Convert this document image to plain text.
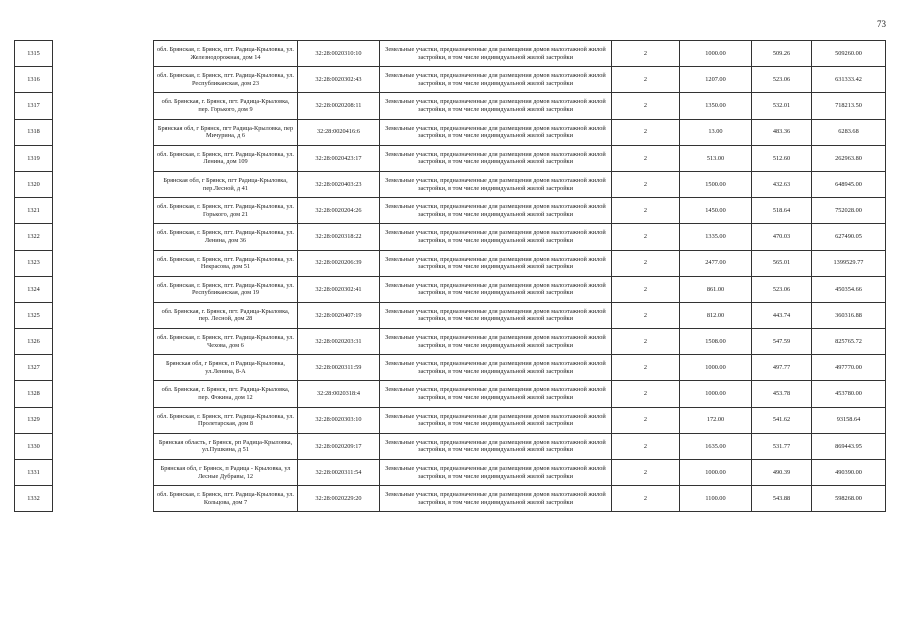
73
1315		обл. Брянская, г. Брянск, пгт. Радица-Крыловка, ул. Железнодорожная, дом 14	32:28:0020310:10	Земельные участки, предназначенные для размещения домов малоэтажной жилой застройки, в том числе индивидуальной жилой застройки	2	1000.00	509.26	509260.00
1316		обл. Брянская, г. Брянск, пгт. Радица-Крыловка, ул. Республиканская, дом 23	32:28:0020302:43	Земельные участки, предназначенные для размещения домов малоэтажной жилой застройки, в том числе индивидуальной жилой застройки	2	1207.00	523.06	631333.42
1317		обл. Брянская, г. Брянск, пгт. Радица-Крыловка, пер. Горького, дом 9	32:28:0020208:11	Земельные участки, предназначенные для размещения домов малоэтажной жилой застройки, в том числе индивидуальной жилой застройки	2	1350.00	532.01	718213.50
1318		Брянская обл, г Брянск, пгт Радица-Крыловка, пер Мичурина, д 6	32:28:0020416:6	Земельные участки, предназначенные для размещения домов малоэтажной жилой застройки, в том числе индивидуальной жилой застройки	2	13.00	483.36	6283.68
1319		обл. Брянская, г. Брянск, пгт. Радица-Крыловка, ул. Ленина, дом 109	32:28:0020423:17	Земельные участки, предназначенные для размещения домов малоэтажной жилой застройки, в том числе индивидуальной жилой застройки	2	513.00	512.60	262963.80
1320		Брянская обл, г Брянск, пгт Радица-Крыловка, пер.Лесной, д 41	32:28:0020403:23	Земельные участки, предназначенные для размещения домов малоэтажной жилой застройки, в том числе индивидуальной жилой застройки	2	1500.00	432.63	648945.00
1321		обл. Брянская, г. Брянск, пгт. Радица-Крыловка, ул. Горького, дом 21	32:28:0020204:26	Земельные участки, предназначенные для размещения домов малоэтажной жилой застройки, в том числе индивидуальной жилой застройки	2	1450.00	518.64	752028.00
1322		обл. Брянская, г. Брянск, пгт. Радица-Крыловка, ул. Ленина, дом 36	32:28:0020318:22	Земельные участки, предназначенные для размещения домов малоэтажной жилой застройки, в том числе индивидуальной жилой застройки	2	1335.00	470.03	627490.05
1323		обл. Брянская, г. Брянск, пгт. Радица-Крыловка, ул. Некрасова, дом 51	32:28:0020206:39	Земельные участки, предназначенные для размещения домов малоэтажной жилой застройки, в том числе индивидуальной жилой застройки	2	2477.00	565.01	1399529.77
1324		обл. Брянская, г. Брянск, пгт. Радица-Крыловка, ул. Республиканская, дом 19	32:28:0020302:41	Земельные участки, предназначенные для размещения домов малоэтажной жилой застройки, в том числе индивидуальной жилой застройки	2	861.00	523.06	450354.66
1325		обл. Брянская, г. Брянск, пгт. Радица-Крыловка, пер. Лесной, дом 28	32:28:0020407:19	Земельные участки, предназначенные для размещения домов малоэтажной жилой застройки, в том числе индивидуальной жилой застройки	2	812.00	443.74	360316.88
1326		обл. Брянская, г. Брянск, пгт. Радица-Крыловка, ул. Чехова, дом 6	32:28:0020203:31	Земельные участки, предназначенные для размещения домов малоэтажной жилой застройки, в том числе индивидуальной жилой застройки	2	1508.00	547.59	825765.72
1327		Брянская обл, г Брянск, п Радица-Крыловка, ул.Ленина, 8-А	32:28:0020311:59	Земельные участки, предназначенные для размещения домов малоэтажной жилой застройки, в том числе индивидуальной жилой застройки	2	1000.00	497.77	497770.00
1328		обл. Брянская, г. Брянск, пгт. Радица-Крыловка, пер. Фокина, дом 12	32:28:0020318:4	Земельные участки, предназначенные для размещения домов малоэтажной жилой застройки, в том числе индивидуальной жилой застройки	2	1000.00	453.78	453780.00
1329		обл. Брянская, г. Брянск, пгт. Радица-Крыловка, ул. Пролетарская, дом 8	32:28:0020303:10	Земельные участки, предназначенные для размещения домов малоэтажной жилой застройки, в том числе индивидуальной жилой застройки	2	172.00	541.62	93158.64
1330		Брянская область, г Брянск, рп Радица-Крыловка, ул.Пушкина, д 51	32:28:0020209:17	Земельные участки, предназначенные для размещения домов малоэтажной жилой застройки, в том числе индивидуальной жилой застройки	2	1635.00	531.77	869443.95
1331		Брянская обл, г Брянск, п Радица - Крыловка, ул Лесные Дубравы, 12	32:28:0020311:54	Земельные участки, предназначенные для размещения домов малоэтажной жилой застройки, в том числе индивидуальной жилой застройки	2	1000.00	490.39	490390.00
1332		обл. Брянская, г. Брянск, пгт. Радица-Крыловка, ул. Кольцова, дом 7	32:28:0020229:20	Земельные участки, предназначенные для размещения домов малоэтажной жилой застройки, в том числе индивидуальной жилой застройки	2	1100.00	543.88	598268.00
